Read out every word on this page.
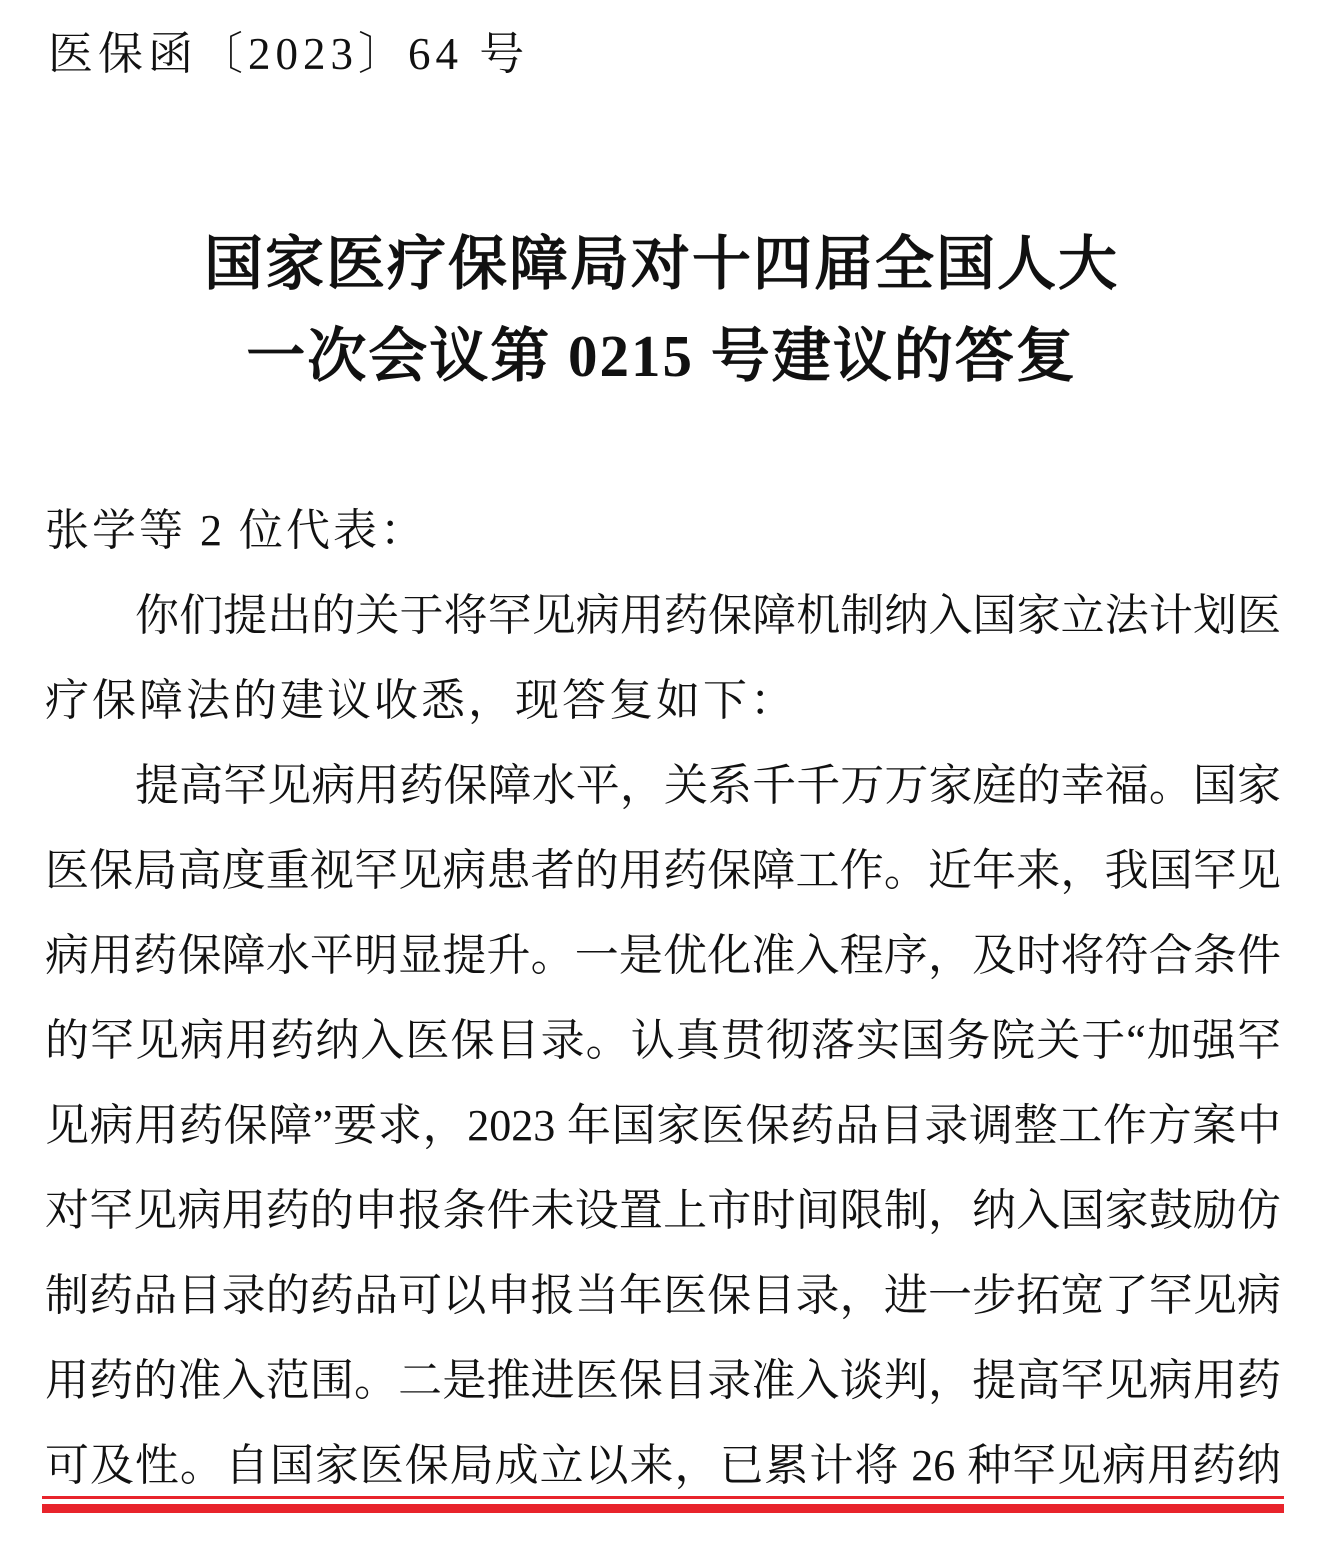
医保函〔2023〕64 号
国家医疗保障局对十四届全国人大
一次会议第 0215 号建议的答复
张学等 2 位代表：
你们提出的关于将罕见病用药保障机制纳入国家立法计划医
疗保障法的建议收悉，现答复如下：
提高罕见病用药保障水平，关系千千万万家庭的幸福。国家
医保局高度重视罕见病患者的用药保障工作。近年来，我国罕见
病用药保障水平明显提升。一是优化准入程序，及时将符合条件
的罕见病用药纳入医保目录。认真贯彻落实国务院关于“加强罕
见病用药保障”要求，2023 年国家医保药品目录调整工作方案中
对罕见病用药的申报条件未设置上市时间限制，纳入国家鼓励仿
制药品目录的药品可以申报当年医保目录，进一步拓宽了罕见病
用药的准入范围。二是推进医保目录准入谈判，提高罕见病用药
可及性。自国家医保局成立以来，已累计将 26 种罕见病用药纳
